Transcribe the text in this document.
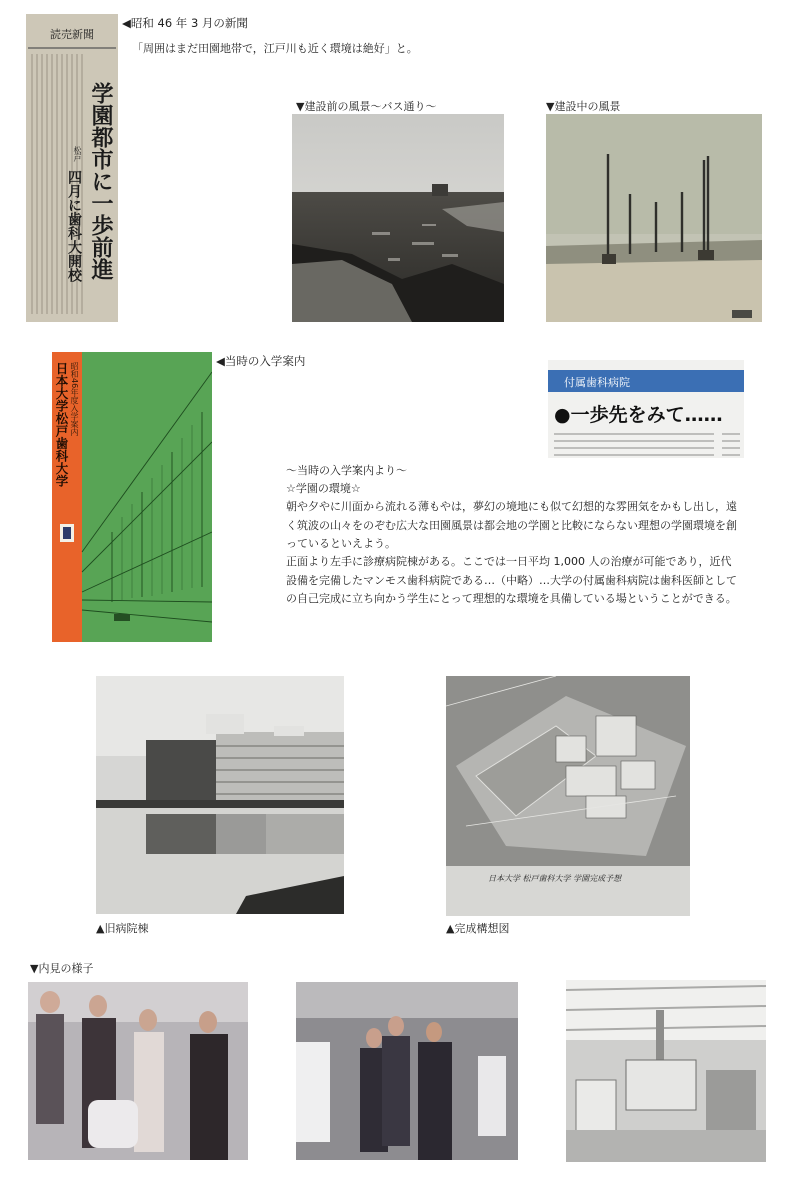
読売新聞
学園都市に一歩前進
松戸
四月に歯科大開校
◀昭和 46 年 3 月の新聞
「周囲はまだ田園地帯で，江戸川も近く環境は絶好」と。
▼建設前の風景〜バス通り〜	▼建設中の風景
昭和46年度入学案内
日本大学松戸歯科大学
◀当時の入学案内
付属歯科病院
●一歩先をみて……
〜当時の入学案内より〜
☆学園の環境☆
朝や夕やに川面から流れる薄もやは，夢幻の境地にも似て幻想的な雰囲気をかもし出し，遠く筑波の山々をのぞむ広大な田園風景は都会地の学園と比較にならない理想の学園環境を創っているといえよう。
正面より左手に診療病院棟がある。ここでは一日平均 1,000 人の治療が可能であり，近代設備を完備したマンモス歯科病院である…（中略）…大学の付属歯科病院は歯科医師としての自己完成に立ち向かう学生にとって理想的な環境を具備している場ということができる。
▲旧病院棟
日本大学 松戸歯科大学 学園完成予想
▲完成構想図
▼内見の様子
